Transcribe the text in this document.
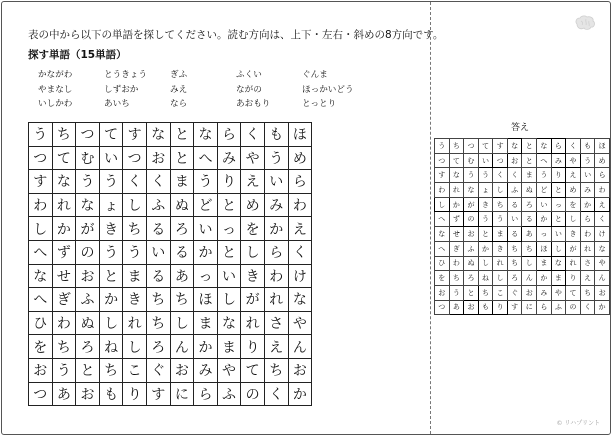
表の中から以下の単語を探してください。読む方向は、上下・左右・斜めの8方向です。
探す単語（15単語）
かながわ	とうきょう	ぎふ	ふくい	ぐんま
やまなし	しずおか	みえ	ながの	ほっかいどう
いしかわ	あいち	なら	あおもり	とっとり
う	ち	つ	て	す	な	と	な	ら	く	も	ほ
つ	て	む	い	つ	お	と	へ	み	や	う	め
す	な	う	う	く	く	ま	う	り	え	い	ら
わ	れ	な	ょ	し	ふ	ぬ	ど	と	め	み	わ
し	か	が	き	ち	る	ろ	い	っ	を	か	え
へ	ず	の	う	う	い	る	か	と	し	ら	く
な	せ	お	と	ま	る	あ	っ	い	き	わ	け
へ	ぎ	ふ	か	き	ち	ち	ほ	し	が	れ	な
ひ	わ	ぬ	し	れ	ち	し	ま	な	れ	さ	や
を	ち	ろ	ね	し	ろ	ん	か	ま	り	え	ん
お	う	と	ち	こ	ぐ	お	み	や	て	ち	お
つ	あ	お	も	り	す	に	ら	ふ	の	く	か
答え
う	ち	つ	て	す	な	と	な	ら	く	も	ほ
つ	て	む	い	つ	お	と	へ	み	や	う	め
す	な	う	う	く	く	ま	う	り	え	い	ら
わ	れ	な	ょ	し	ふ	ぬ	ど	と	め	み	わ
し	か	が	き	ち	る	ろ	い	っ	を	か	え
へ	ず	の	う	う	い	る	か	と	し	ら	く
な	せ	お	と	ま	る	あ	っ	い	き	わ	け
へ	ぎ	ふ	か	き	ち	ち	ほ	し	が	れ	な
ひ	わ	ぬ	し	れ	ち	し	ま	な	れ	さ	や
を	ち	ろ	ね	し	ろ	ん	か	ま	り	え	ん
お	う	と	ち	こ	ぐ	お	み	や	て	ち	お
つ	あ	お	も	り	す	に	ら	ふ	の	く	か
© リハプリント
